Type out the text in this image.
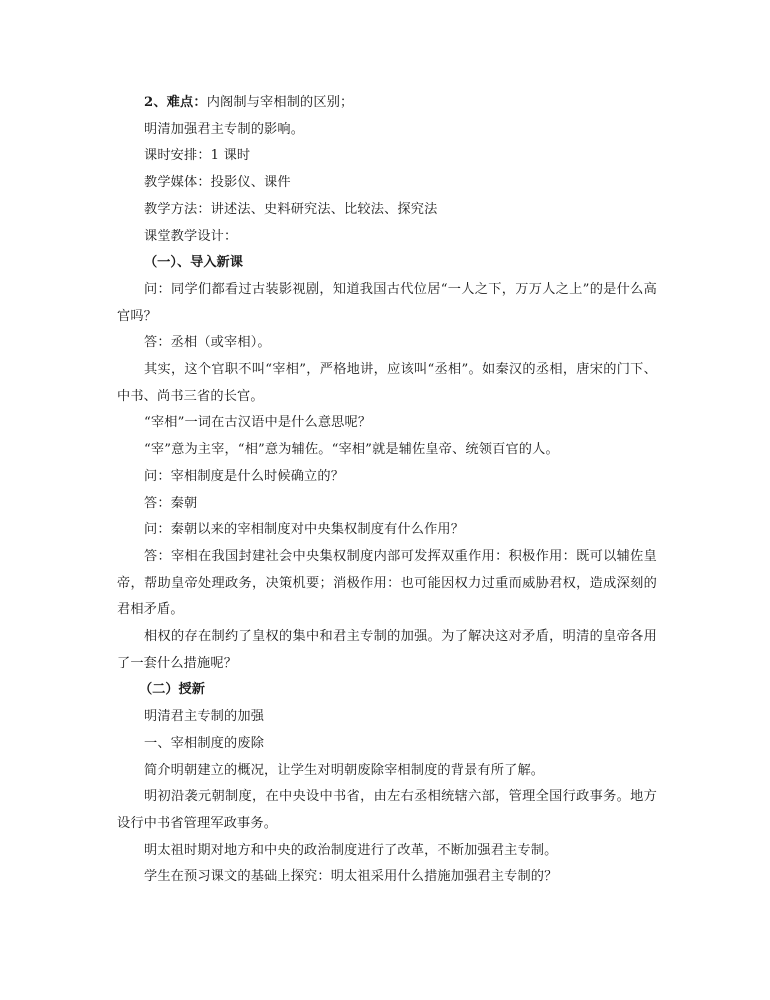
2、难点：内阁制与宰相制的区别；

明清加强君主专制的影响。

课时安排：1 课时

教学媒体：投影仪、课件

教学方法：讲述法、史料研究法、比较法、探究法

课堂教学设计：

（一）、导入新课

问：同学们都看过古装影视剧，知道我国古代位居“一人之下，万万人之上”的是什么高官吗？

答：丞相（或宰相）。

其实，这个官职不叫“宰相”，严格地讲，应该叫“丞相”。如秦汉的丞相，唐宋的门下、中书、尚书三省的长官。

“宰相”一词在古汉语中是什么意思呢？

“宰”意为主宰，“相”意为辅佐。“宰相”就是辅佐皇帝、统领百官的人。

问：宰相制度是什么时候确立的？

答：秦朝

问：秦朝以来的宰相制度对中央集权制度有什么作用？

答：宰相在我国封建社会中央集权制度内部可发挥双重作用：积极作用：既可以辅佐皇帝，帮助皇帝处理政务，决策机要；消极作用：也可能因权力过重而威胁君权，造成深刻的君相矛盾。

相权的存在制约了皇权的集中和君主专制的加强。为了解决这对矛盾，明清的皇帝各用了一套什么措施呢？

（二）授新

明清君主专制的加强

一、宰相制度的废除

简介明朝建立的概况，让学生对明朝废除宰相制度的背景有所了解。

明初沿袭元朝制度，在中央设中书省，由左右丞相统辖六部，管理全国行政事务。地方设行中书省管理军政事务。

明太祖时期对地方和中央的政治制度进行了改革，不断加强君主专制。

学生在预习课文的基础上探究：明太祖采用什么措施加强君主专制的？
